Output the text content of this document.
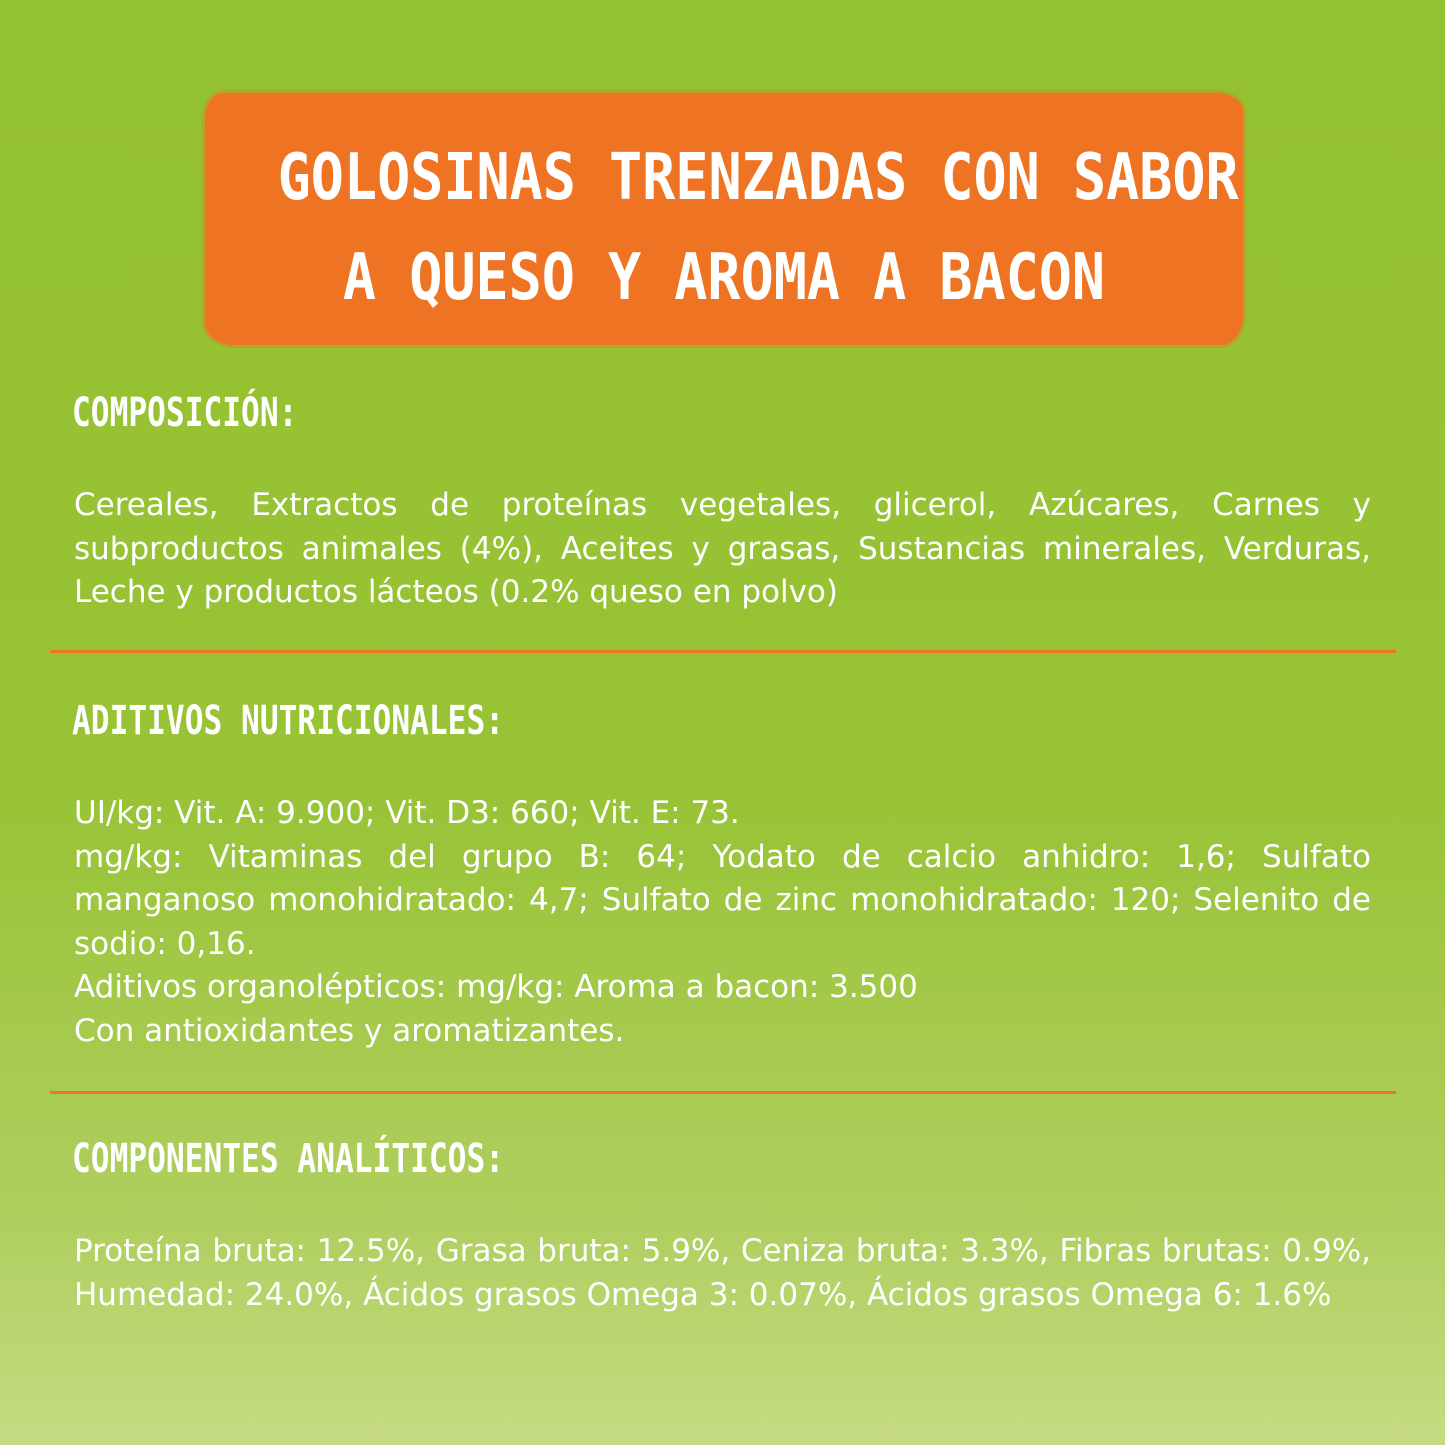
GOLOSINAS TRENZADAS CON SABOR
A QUESO Y AROMA A BACON
COMPOSICIÓN:

Cereales, Extractos de proteínas vegetales, glicerol, Azúcares, Carnes y subproductos animales (4%), Aceites y grasas, Sustancias minerales, Verduras, Leche y productos lácteos (0.2% queso en polvo)

ADITIVOS NUTRICIONALES:
UI/kg: Vit. A: 9.900; Vit. D3: 660; Vit. E: 73.
mg/kg: Vitaminas del grupo B: 64; Yodato de calcio anhidro: 1,6; Sulfato manganoso monohidratado: 4,7; Sulfato de zinc monohidratado: 120; Selenito de sodio: 0,16.
Aditivos organolépticos: mg/kg: Aroma a bacon: 3.500
Con antioxidantes y aromatizantes.
COMPONENTES ANALÍTICOS:

Proteína bruta: 12.5%, Grasa bruta: 5.9%, Ceniza bruta: 3.3%, Fibras brutas: 0.9%, Humedad: 24.0%, Ácidos grasos Omega 3: 0.07%, Ácidos grasos Omega 6: 1.6%
